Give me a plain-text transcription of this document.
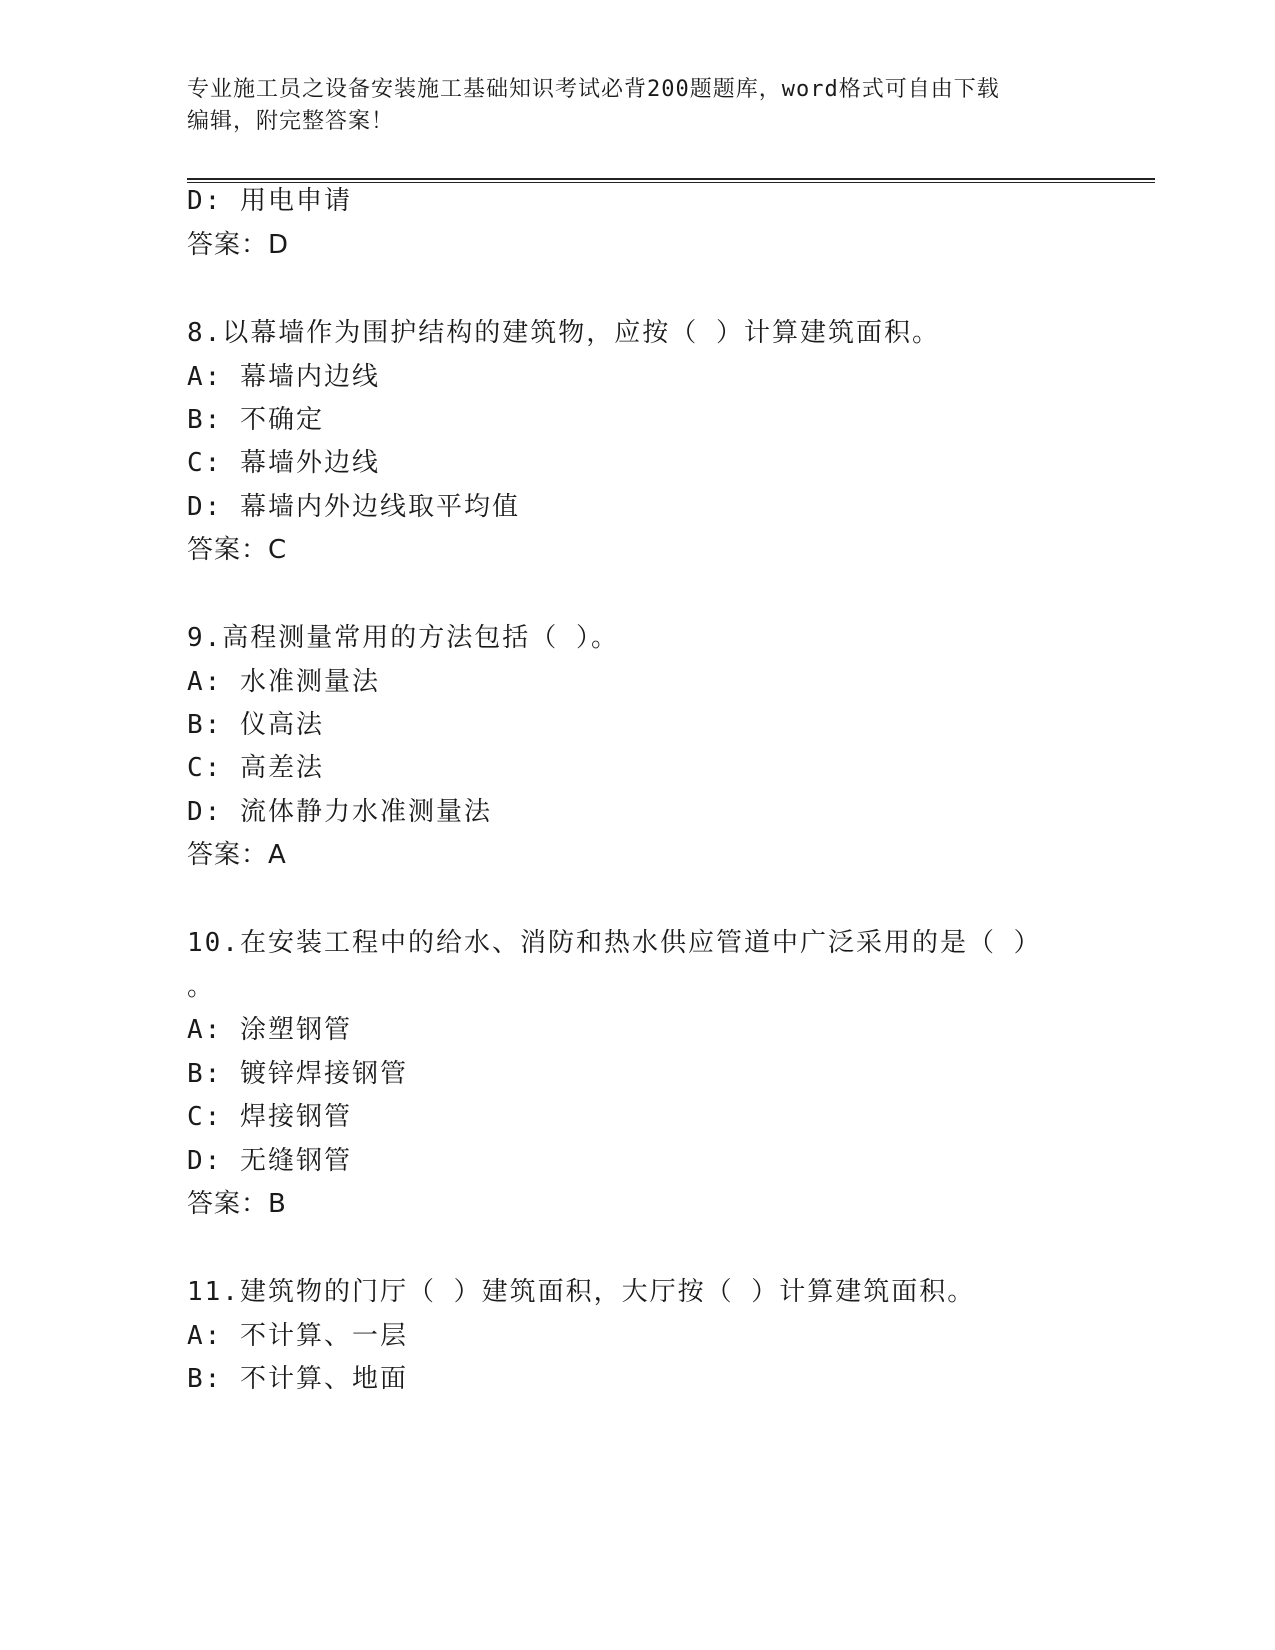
专业施工员之设备安装施工基础知识考试必背200题题库，word格式可自由下载
编辑，附完整答案！
D: 用电申请
答案：D
8.以幕墙作为围护结构的建筑物，应按（ ）计算建筑面积。
A: 幕墙内边线
B: 不确定
C: 幕墙外边线
D: 幕墙内外边线取平均值
答案：C
9.高程测量常用的方法包括（ ）。
A: 水准测量法
B: 仪高法
C: 高差法
D: 流体静力水准测量法
答案：A
10.在安装工程中的给水、消防和热水供应管道中广泛采用的是（ ）
。
A: 涂塑钢管
B: 镀锌焊接钢管
C: 焊接钢管
D: 无缝钢管
答案：B
11.建筑物的门厅（ ）建筑面积，大厅按（ ）计算建筑面积。
A: 不计算、一层
B: 不计算、地面
